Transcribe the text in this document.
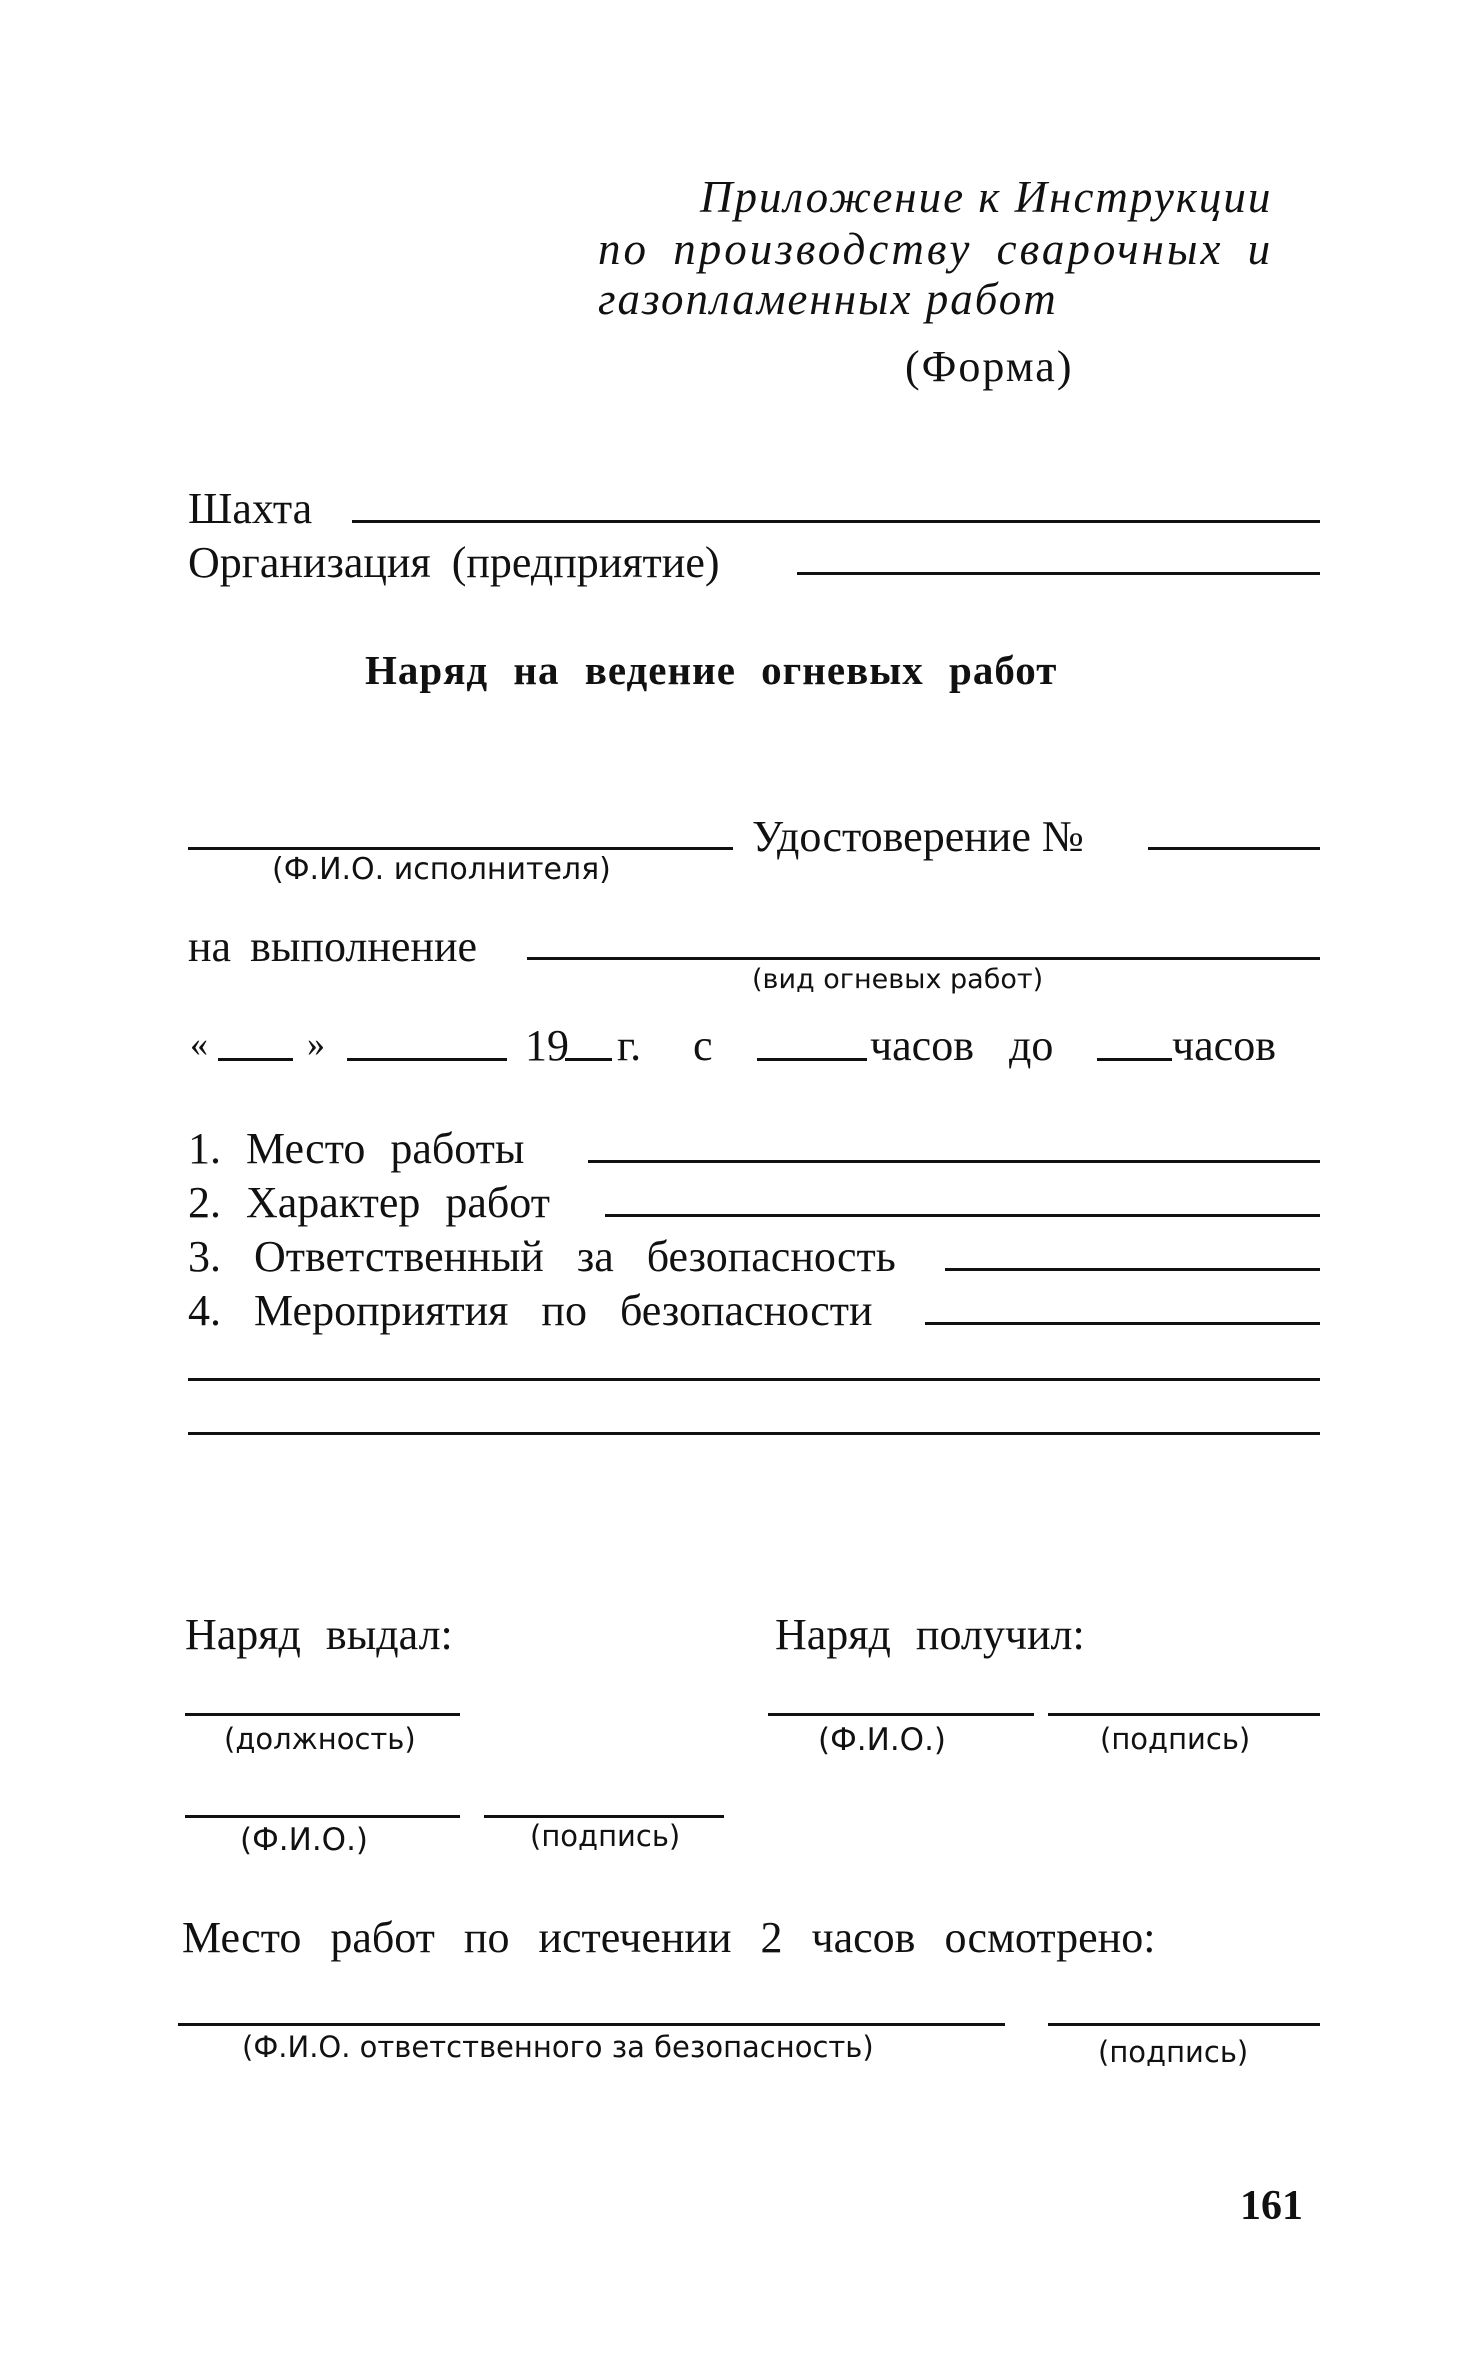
Приложение к Инструкции
по производству сварочных и
газопламенных работ
(Форма)
Шахта
Организация (предприятие)
Наряд на ведение огневых работ
(Ф.И.О. исполнителя)
Удостоверение №
на выполнение
(вид огневых работ)
«	»	19 г. с	часов до	часов
1. Место работы
2. Характер работ
3. Ответственный за безопасность
4. Мероприятия по безопасности
Наряд выдал:	Наряд получил:
(должность)	(Ф.И.О.)	(подпись)
(Ф.И.О.)	(подпись)
Место работ по истечении 2 часов осмотрено:
(Ф.И.О. ответственного за безопасность)	(подпись)
161
